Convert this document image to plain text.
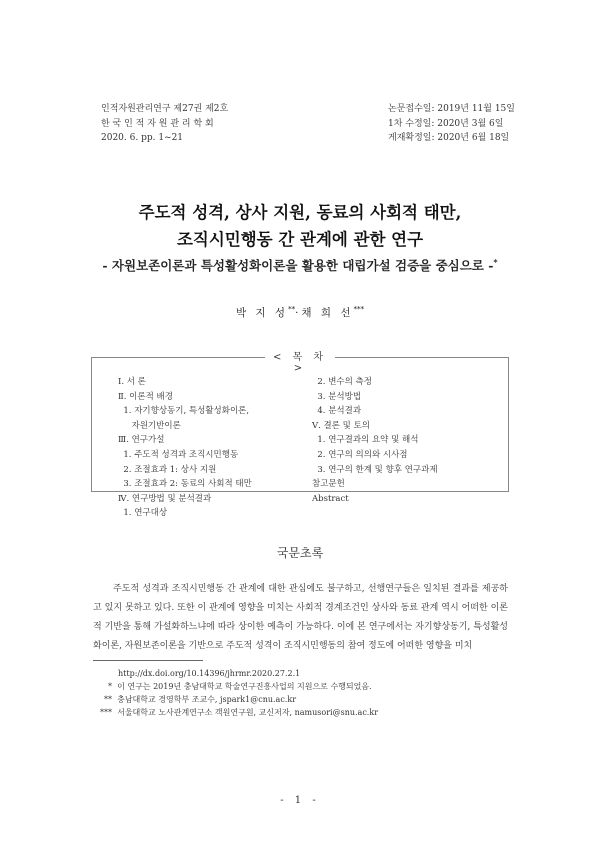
인적자원관리연구 제27권 제2호
한 국 인 적 자 원 관 리 학 회
2020. 6. pp. 1~21
논문접수일: 2019년 11월 15일
1차 수정일: 2020년 3월 6일
게재확정일: 2020년 6월 18일
주도적 성격, 상사 지원, 동료의 사회적 태만,
조직시민행동 간 관계에 관한 연구
- 자원보존이론과 특성활성화이론을 활용한 대립가설 검증을 중심으로 -*
박 지 성**·채 희 선***
< 목 차 >
Ⅰ. 서 론
Ⅱ. 이론적 배경
1. 자기향상동기, 특성활성화이론,
자원기반이론
Ⅲ. 연구가설
1. 주도적 성격과 조직시민행동
2. 조절효과 1: 상사 지원
3. 조절효과 2: 동료의 사회적 태만
Ⅳ. 연구방법 및 분석결과
1. 연구대상
2. 변수의 측정
3. 분석방법
4. 분석결과
Ⅴ. 결론 및 토의
1. 연구결과의 요약 및 해석
2. 연구의 의의와 시사점
3. 연구의 한계 및 향후 연구과제
참고문헌
Abstract
국문초록

주도적 성격과 조직시민행동 간 관계에 대한 관심에도 불구하고, 선행연구들은 일치된 결과를 제공하고 있지 못하고 있다. 또한 이 관계에 영향을 미치는 사회적 경계조건인 상사와 동료 관계 역시 어떠한 이론적 기반을 통해 가설화하느냐에 따라 상이한 예측이 가능하다. 이에 본 연구에서는 자기향상동기, 특성활성화이론, 자원보존이론을 기반으로 주도적 성격이 조직시민행동의 참여 정도에 어떠한 영향을 미치

http://dx.doi.org/10.14396/jhrmr.2020.27.2.1
*  이 연구는 2019년 충남대학교 학술연구진흥사업의 지원으로 수행되었음.
**  충남대학교 경영학부 조교수, jspark1@cnu.ac.kr
***  서울대학교 노사관계연구소 객원연구원, 교신저자, namusori@snu.ac.kr
- 1 -
